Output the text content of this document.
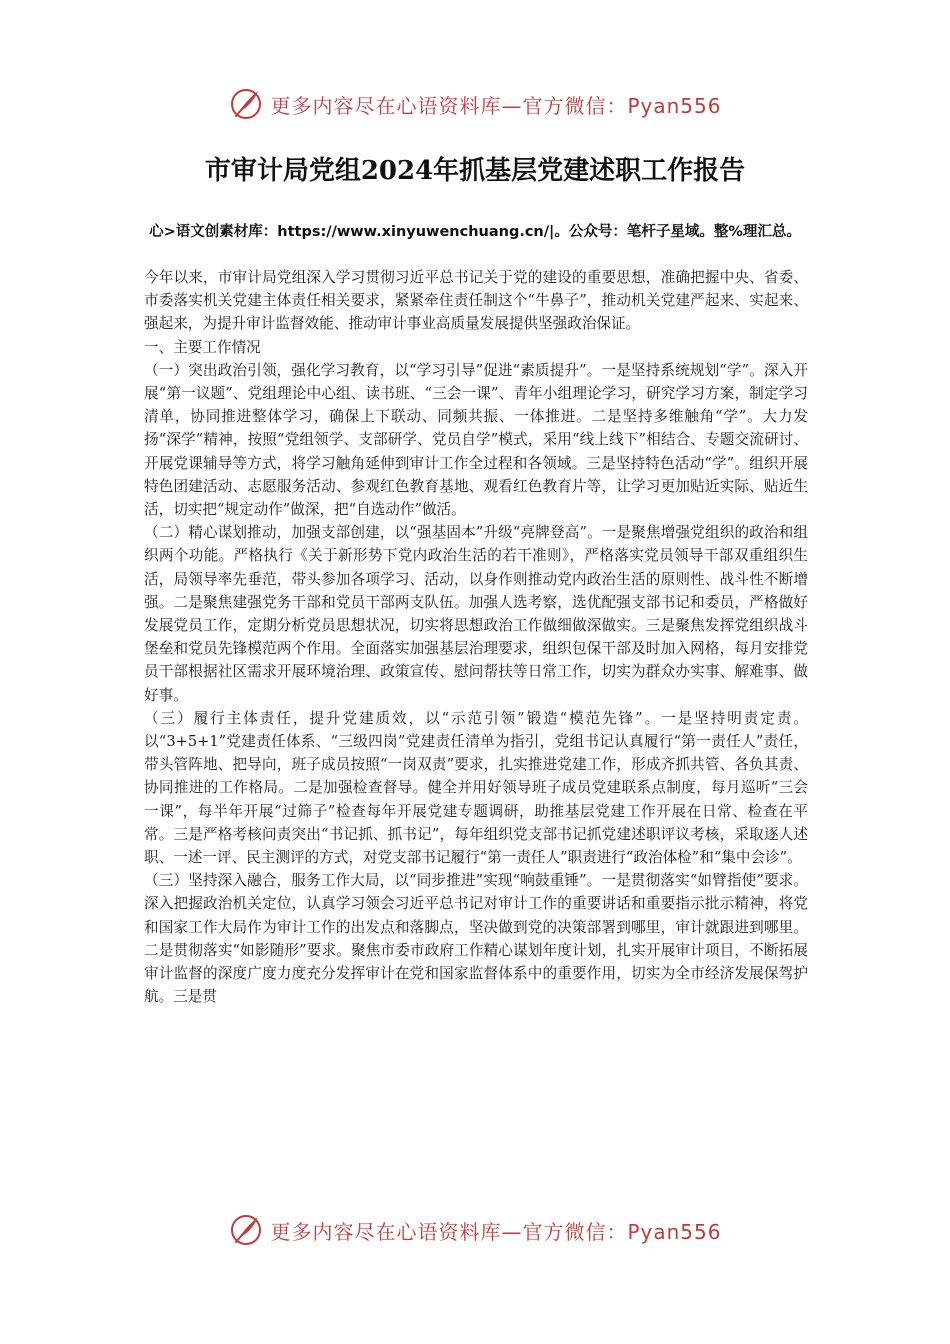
更多内容尽在心语资料库—官方微信：Pyan556
市审计局党组2024年抓基层党建述职工作报告
心>语文创素材库：https://www.xinyuwenchuang.cn/|。公众号：笔杆子星域。整%理汇总。

今年以来，市审计局党组深入学习贯彻习近平总书记关于党的建设的重要思想，准确把握中央、省委、市委落实机关党建主体责任相关要求，紧紧牵住责任制这个“牛鼻子”，推动机关党建严起来、实起来、强起来，为提升审计监督效能、推动审计事业高质量发展提供坚强政治保证。

一、主要工作情况

（一）突出政治引领，强化学习教育，以“学习引导”促进“素质提升”。一是坚持系统规划“学”。深入开展“第一议题”、党组理论中心组、读书班、“三会一课”、青年小组理论学习，研究学习方案，制定学习清单，协同推进整体学习，确保上下联动、同频共振、一体推进。二是坚持多维触角“学”。大力发扬“深学”精神，按照“党组领学、支部研学、党员自学”模式，采用“线上线下”相结合、专题交流研讨、开展党课辅导等方式，将学习触角延伸到审计工作全过程和各领域。三是坚持特色活动“学”。组织开展特色团建活动、志愿服务活动、参观红色教育基地、观看红色教育片等，让学习更加贴近实际、贴近生活，切实把“规定动作”做深，把“自选动作”做活。

（二）精心谋划推动，加强支部创建，以“强基固本”升级“亮牌登高”。一是聚焦增强党组织的政治和组织两个功能。严格执行《关于新形势下党内政治生活的若干准则》，严格落实党员领导干部双重组织生活，局领导率先垂范，带头参加各项学习、活动，以身作则推动党内政治生活的原则性、战斗性不断增强。二是聚焦建强党务干部和党员干部两支队伍。加强人选考察，选优配强支部书记和委员，严格做好发展党员工作，定期分析党员思想状况，切实将思想政治工作做细做深做实。三是聚焦发挥党组织战斗堡垒和党员先锋模范两个作用。全面落实加强基层治理要求，组织包保干部及时加入网格，每月安排党员干部根据社区需求开展环境治理、政策宣传、慰问帮扶等日常工作，切实为群众办实事、解难事、做好事。

（三）履行主体责任，提升党建质效，以“示范引领”锻造“模范先锋”。一是坚持明责定责。以“3+5+1”党建责任体系、“三级四岗”党建责任清单为指引，党组书记认真履行“第一责任人”责任，带头管阵地、把导向，班子成员按照“一岗双责”要求，扎实推进党建工作，形成齐抓共管、各负其责、协同推进的工作格局。二是加强检查督导。健全并用好领导班子成员党建联系点制度，每月巡听“三会一课”，每半年开展“过筛子”检查每年开展党建专题调研，助推基层党建工作开展在日常、检查在平常。三是严格考核问责突出“书记抓、抓书记”，每年组织党支部书记抓党建述职评议考核，采取逐人述职、一述一评、民主测评的方式，对党支部书记履行“第一责任人”职责进行“政治体检”和“集中会诊”。

（三）坚持深入融合，服务工作大局，以“同步推进”实现“响鼓重锤”。一是贯彻落实“如臂指使”要求。深入把握政治机关定位，认真学习领会习近平总书记对审计工作的重要讲话和重要指示批示精神，将党和国家工作大局作为审计工作的出发点和落脚点，坚决做到党的决策部署到哪里，审计就跟进到哪里。二是贯彻落实“如影随形”要求。聚焦市委市政府工作精心谋划年度计划，扎实开展审计项目，不断拓展审计监督的深度广度力度充分发挥审计在党和国家监督体系中的重要作用，切实为全市经济发展保驾护航。三是贯

更多内容尽在心语资料库—官方微信：Pyan556
